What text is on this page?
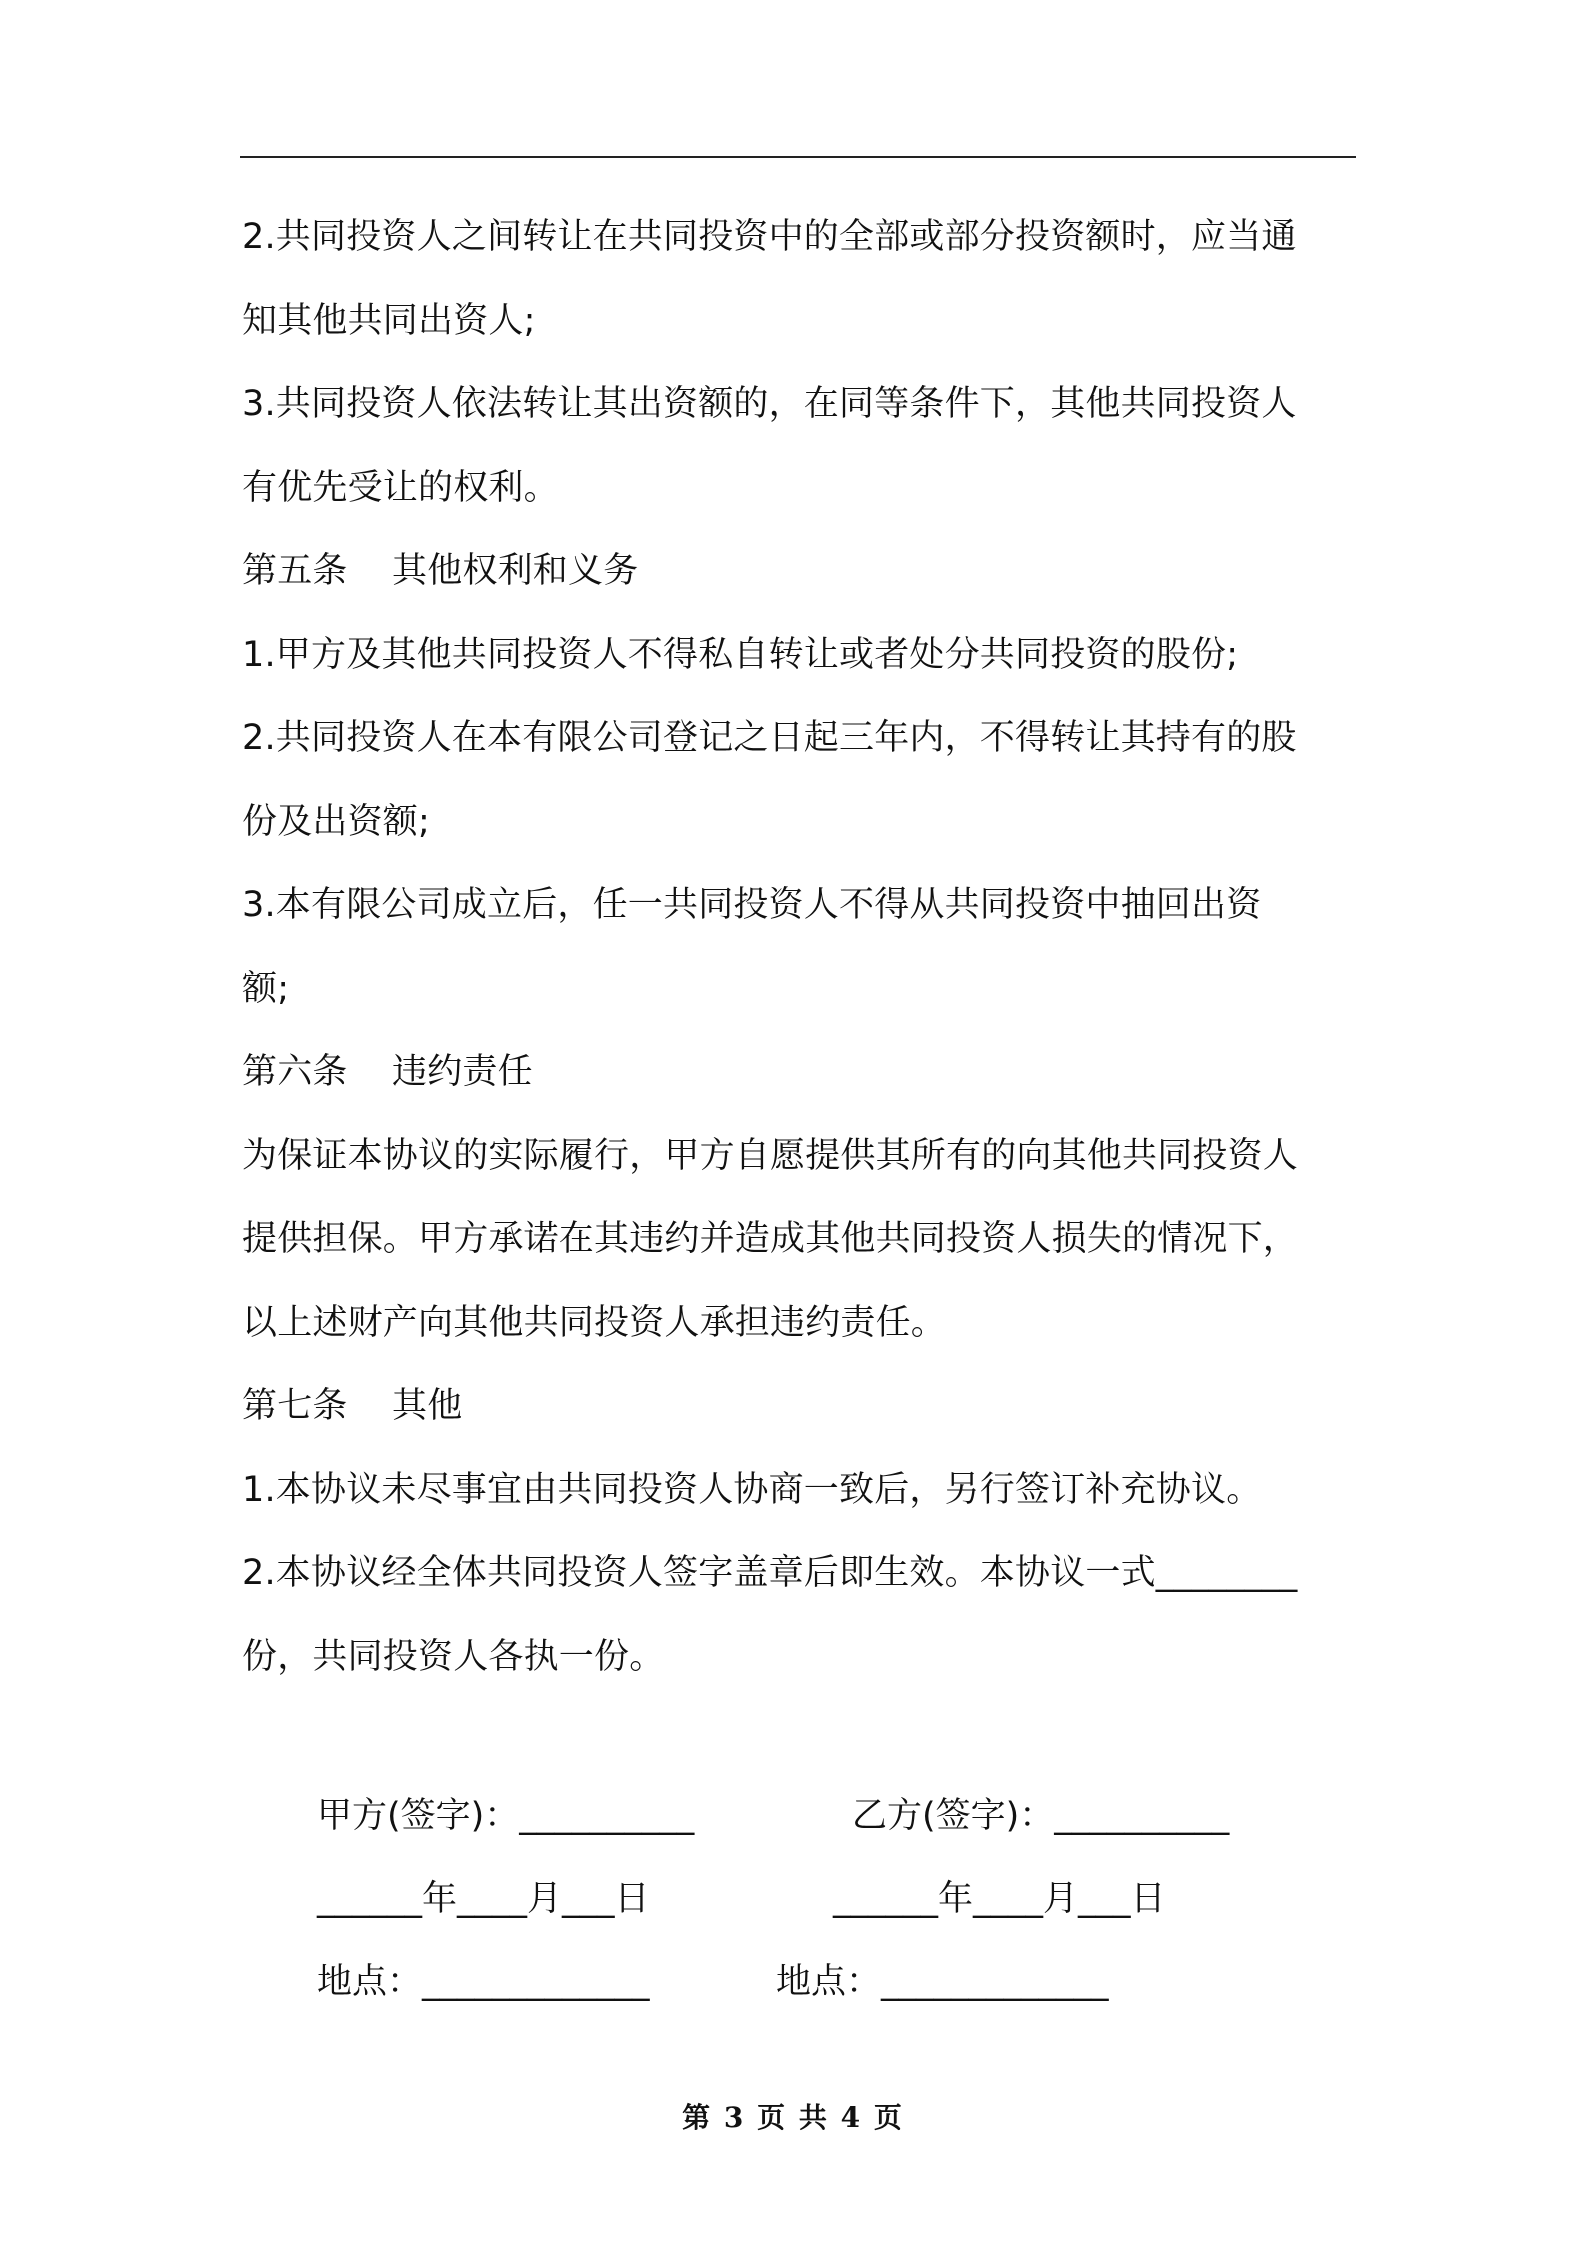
2.共同投资人之间转让在共同投资中的全部或部分投资额时，应当通
知其他共同出资人;
3.共同投资人依法转让其出资额的，在同等条件下，其他共同投资人
有优先受让的权利。
第五条 其他权利和义务
1.甲方及其他共同投资人不得私自转让或者处分共同投资的股份;
2.共同投资人在本有限公司登记之日起三年内，不得转让其持有的股
份及出资额;
3.本有限公司成立后，任一共同投资人不得从共同投资中抽回出资
额;
第六条 违约责任
为保证本协议的实际履行，甲方自愿提供其所有的向其他共同投资人
提供担保。甲方承诺在其违约并造成其他共同投资人损失的情况下，
以上述财产向其他共同投资人承担违约责任。
第七条 其他
1.本协议未尽事宜由共同投资人协商一致后，另行签订补充协议。
2.本协议经全体共同投资人签字盖章后即生效。本协议一式________
份，共同投资人各执一份。
甲方(签字)：__________	乙方(签字)：__________
______年____月___日	______年____月___日
地点：_____________	地点：_____________
第 3 页 共 4 页
